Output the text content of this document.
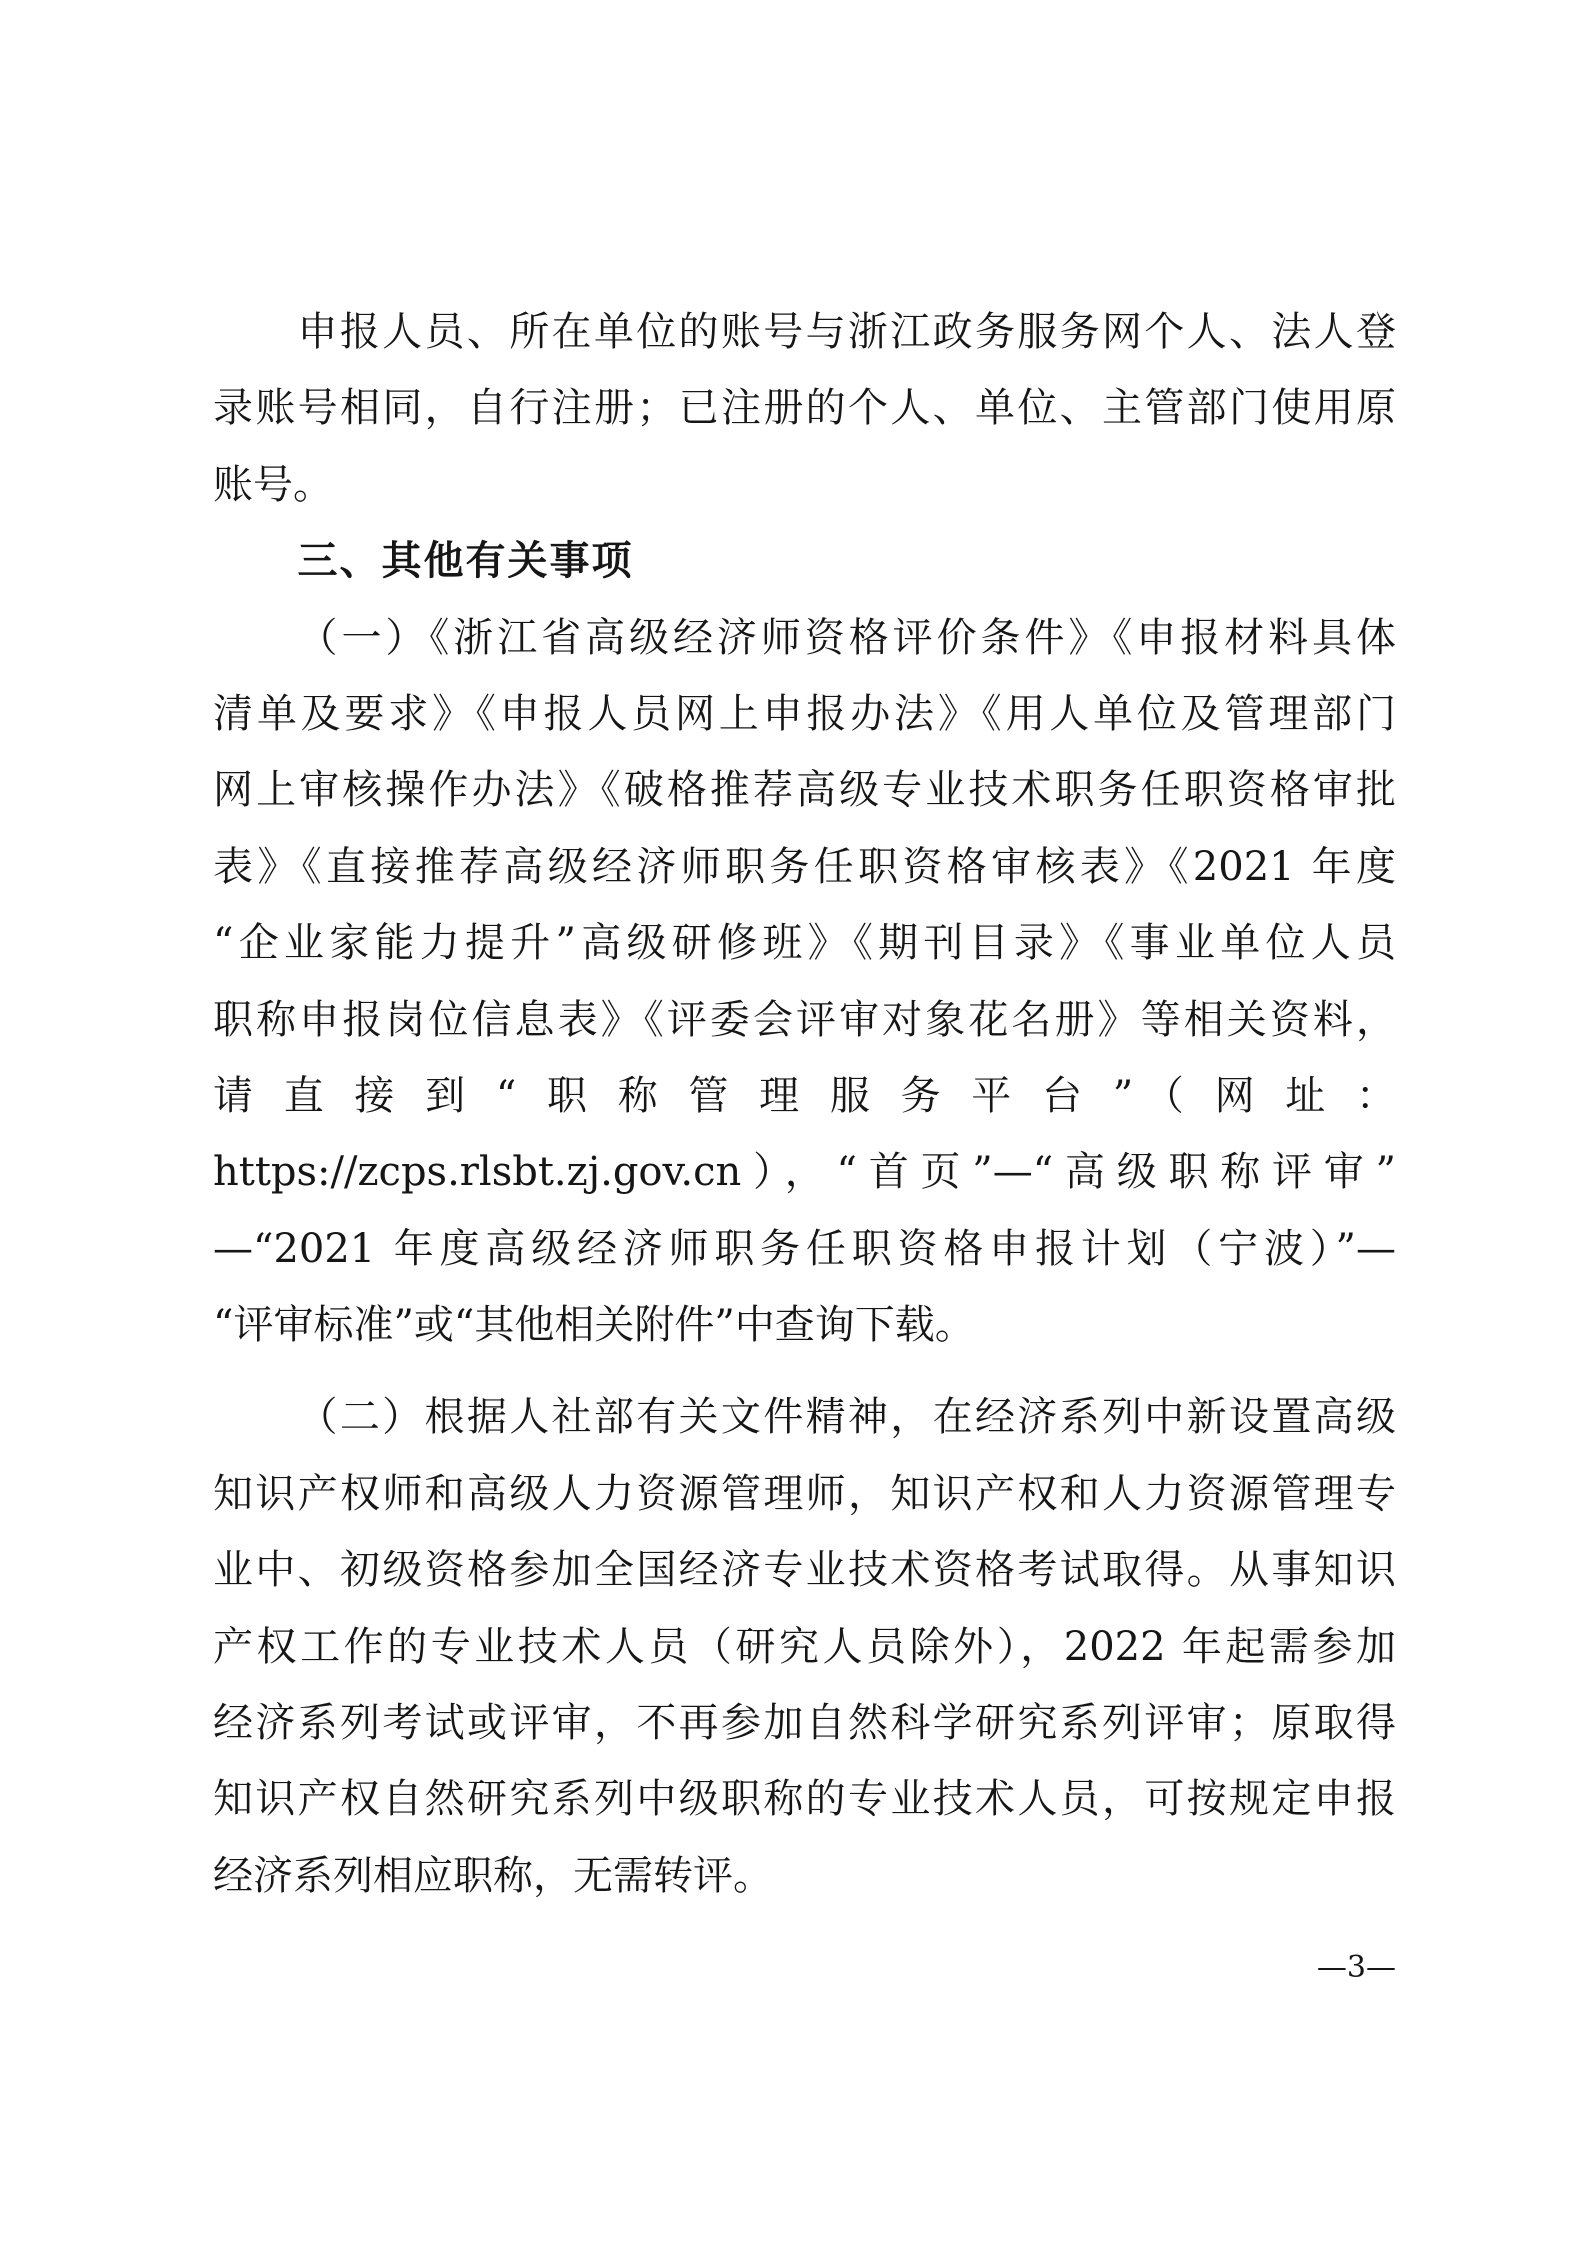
申报人员、所在单位的账号与浙江政务服务网个人、法人登
录账号相同，自行注册；已注册的个人、单位、主管部门使用原
账号。
三、其他有关事项
（一）《浙江省高级经济师资格评价条件》《申报材料具体
清单及要求》《申报人员网上申报办法》《用人单位及管理部门
网上审核操作办法》《破格推荐高级专业技术职务任职资格审批
表》《直接推荐高级经济师职务任职资格审核表》《2021 年度
“企业家能力提升”高级研修班》《期刊目录》《事业单位人员
职称申报岗位信息表》《评委会评审对象花名册》等相关资料，
请直接到“职称管理服务平台”（网址：
https://zcps.rlsbt.zj.gov.cn），“首页”—“高级职称评审”
—“2021 年度高级经济师职务任职资格申报计划（宁波）”—
“评审标准”或“其他相关附件”中查询下载。
（二）根据人社部有关文件精神，在经济系列中新设置高级
知识产权师和高级人力资源管理师，知识产权和人力资源管理专
业中、初级资格参加全国经济专业技术资格考试取得。从事知识
产权工作的专业技术人员（研究人员除外），2022 年起需参加
经济系列考试或评审，不再参加自然科学研究系列评审；原取得
知识产权自然研究系列中级职称的专业技术人员，可按规定申报
经济系列相应职称，无需转评。
—3—
